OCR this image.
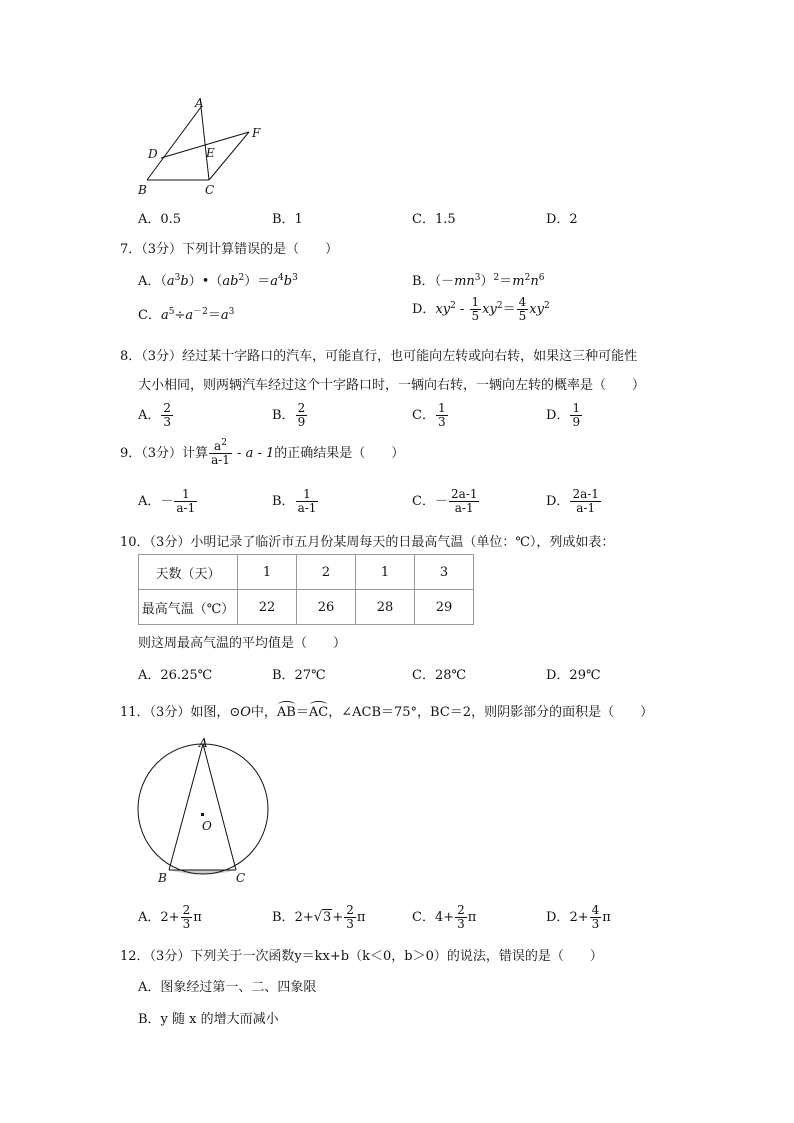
A
B	C
D	E
F
A．0.5	B．1	C．1.5	D．2
7．（3分）下列计算错误的是（　　）
A．$(a^3b)•(ab^2)=a^4b^3$	B．$(-mn^3)^2=m^2n^6$
C．$a^5\div a^{-2}=a^3$	D．$xy^2 - \frac{1}{5} xy^2= \frac{4}{5} xy^2$
8．（3分）经过某十字路口的汽车，可能直行，也可能向左转或向右转，如果这三种可能性
大小相同，则两辆汽车经过这个十字路口时，一辆向右转，一辆向左转的概率是（　　）
A． $\frac{2}{3}$	B． $\frac{2}{9}$	C． $\frac{1}{3}$	D． $\frac{1}{9}$
9．（3分）计算 $\frac{a^2}{a-1}$ - a - 1的正确结果是（　　）
A．－ $\frac{1}{a-1}$	B． $\frac{1}{a-1}$	C．－ $\frac{2a-1}{a-1}$	D． $\frac{2a-1}{a-1}$
10．（3分）小明记录了临沂市五月份某周每天的日最高气温（单位：℃），列成如表：
天数（天）	1	2	1	3
最高气温（℃）	22	26	28	29
则这周最高气温的平均值是（　　）
A．26.25℃	B．27℃	C．28℃	D．29℃
11．（3分）如图，⊙O中，AB＝AC，∠ACB＝75°，BC＝2，则阴影部分的面积是（　　）
A
B	C
O
A．$2+ \frac{2}{3}$ π	B．$2+√3+ \frac{2}{3}$ π	C．$4+ \frac{2}{3}$ π	D．$2+ \frac{4}{3}$ π
12．（3分）下列关于一次函数y＝kx+b（k＜0，b＞0）的说法，错误的是（　　）
A．图象经过第一、二、四象限
B．y 随 x 的增大而减小
